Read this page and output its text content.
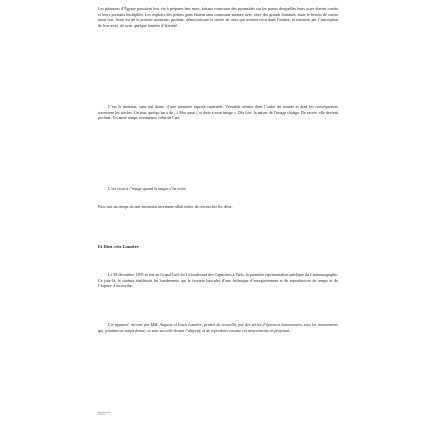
Les pharaons d’Égypte passaient leur vie à préparer leur mort, faisant construire des pyramides sur les parois desquelles leurs actes étaient contés et leurs portraits multipliés. Les exploits des petites gens étaient sans commune mesure avec ceux des grands hommes, mais le besoin de survie aussi fort. Ainsi est né le portrait anonyme, profane, démocratisant la survie de ceux qui avaient vécu dans l’ombre, et tentaient par l’inscription de leur mort, de ravir quelque lumière d’éternité.

C’est le moment, sans nul doute, d’une première rupture repérable. Véritable séisme dans l’ordre du monde et dont les conséquences traversent les siècles. Un jour, quelqu’un a dit : « Moi aussi j’ai droit à mon image ». Dès lors, la nature de l’image change. De sacrée, elle devient profane. Un autre temps commence, celui de l’art.

L’art vient à l’image quand la magie s’en retire.

Puis vint un temps où une invention incertaine allait tenter de réconcilier les deux.

Et Dieu créa Lumière

Le 28 décembre 1895 se tint au Grand Café du 14 boulevard des Capucines à Paris, la première représentation publique du Cinématographe. Ce jour-là, le cinéma établissait les fondements qui le feraient basculer d’une technique d’enregistrement et de reproduction du temps et de l’espace, à un mythe.

Cet appareil, inventé par MM. Auguste et Louis Lumière, permet de recueillir, par des séries d’épreuves instantanées, tous les mouvements qui, pendant un temps donné, se sont succédé devant l’objectif, et de reproduire ensuite ces mouvements en projetant...

Page
